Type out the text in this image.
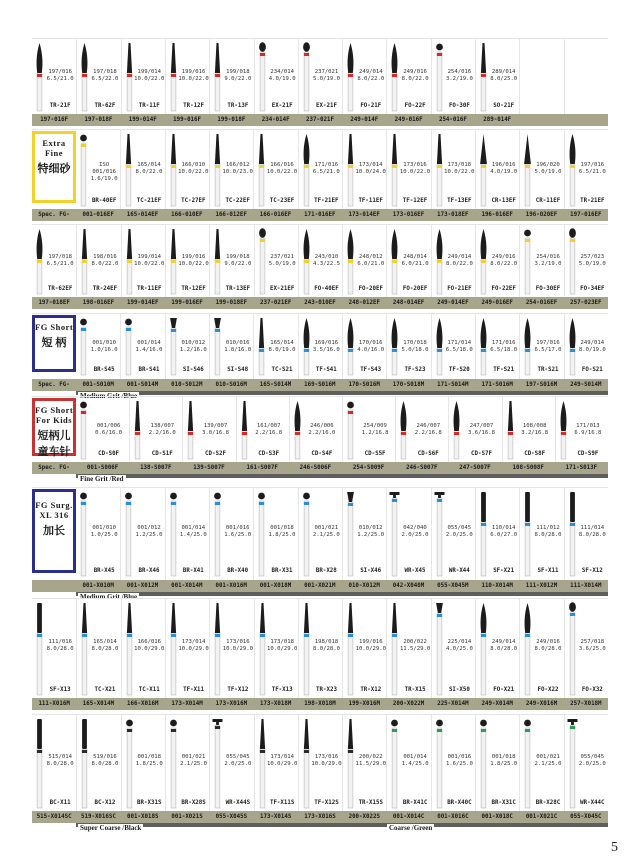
197/016
6.5/21.0
TR-21F
197/018
6.5/22.0
TR-62F
199/014
10.0/22.0
TR-11F
199/016
10.0/22.0
TR-12F
199/018
9.0/22.0
TR-13F
234/014
4.0/19.0
EX-21F
237/021
5.0/19.0
EX-21F
249/014
8.0/22.0
FO-21F
249/016
8.0/22.0
FO-22F
254/016
3.2/19.0
FO-30F
289/014
8.0/25.0
SO-21F
197-016F	197-018F	199-014F	199-016F	199-018F	234-014F	237-021F	249-014F	249-016F	254-016F	289-014F
ISO
001/016
1.6/19.0
BR-40EF
165/014
8.0/22.0
TC-21EF
166/010
10.0/22.0
TC-27EF
166/012
10.0/23.0
TC-22EF
166/016
10.0/22.0
TC-23EF
171/016
6.5/21.0
TF-21EF
173/014
10.0/24.0
TF-11EF
173/016
10.0/22.0
TF-12EF
173/018
10.0/22.0
TF-13EF
196/016
4.0/19.0
CR-13EF
196/020
5.0/19.0
CR-11EF
197/016
6.5/21.0
TR-21EF
Extra
Fine
特细砂
Spec. FG-	001-016EF	165-014EF	166-010EF	166-012EF	166-016EF	171-016EF	173-014EF	173-016EF	173-018EF	196-016EF	196-020EF	197-016EF
197/018
6.5/21.0
TR-62EF
198/016
8.0/22.0
TR-24EF
199/014
10.0/22.0
TR-11EF
199/016
10.0/22.0
TR-12EF
199/018
9.0/22.0
TR-13EF
237/021
5.0/19.0
EX-21EF
243/010
4.3/22.5
FO-40EF
248/012
6.0/21.0
FO-20EF
248/014
6.0/21.0
FO-20EF
249/014
8.0/22.0
FO-21EF
249/016
8.0/22.0
FO-22EF
254/016
3.2/19.0
FO-30EF
257/023
5.0/19.0
FO-34EF
197-018EF	198-016EF	199-014EF	199-016EF	199-018EF	237-021EF	243-010EF	248-012EF	248-014EF	249-014EF	249-016EF	254-016EF	257-023EF
001/010
1.0/16.0
BR-S45
001/014
1.4/16.0
BR-S41
010/012
1.2/16.0
SI-S46
010/016
1.8/16.0
SI-S48
165/014
8.0/19.0
TC-S21
169/016
3.5/16.0
TF-S41
170/016
4.0/16.0
TF-S43
170/018
5.0/18.0
TF-S23
171/014
6.5/18.0
TF-S20
171/016
6.5/18.0
TF-S21
197/016
6.5/17.0
TR-S21
249/014
8.0/19.0
FO-S21
FG Short
短 柄
Spec. FG-	001-S010M	001-S014M	010-S012M	010-S016M	165-S014M	169-S016M	170-S016M	170-S018M	171-S014M	171-S016M	197-S016M	249-S014M
Medium Grit /Blue
001/006
0.6/16.0
CD-S0F
138/007
2.2/16.0
CD-S1F
139/007
3.0/16.8
CD-S2F
161/007
2.2/16.8
CD-S3F
246/006
2.2/16.0
CD-S4F
254/009
1.2/16.8
CD-S5F
246/007
2.2/16.8
CD-S6F
247/007
3.6/16.8
CD-S7F
108/008
3.2/16.8
CD-S8F
171/013
6.9/16.8
CD-S9F
FG Short
For Kids
短柄儿
童车针
Spec. FG-	001-S006F	138-S007F	139-S007F	161-S007F	246-S006F	254-S009F	246-S007F	247-S007F	108-S008F	171-S013F
Fine Grit /Red
001/010
1.0/25.0
BR-X45
001/012
1.2/25.0
BR-X46
001/014
1.4/25.0
BR-X41
001/016
1.6/25.0
BR-X40
001/018
1.8/25.0
BR-X31
001/021
2.1/25.0
BR-X28
010/012
1.2/25.0
SI-X46
042/040
2.0/25.0
WR-X45
055/045
2.0/25.0
WR-X44
110/014
6.0/27.0
SF-X21
111/012
8.0/28.0
SF-X11
111/014
8.0/28.0
SF-X12
FG Surg.
XL 316
加长
001-X010M	001-X012M	001-X014M	001-X016M	001-X018M	001-X021M	010-X012M	042-X040M	055-X045M	110-X014M	111-X012M	111-X014M
Medium Grit /Blue
111/016
8.0/28.0
SF-X13
165/014
8.0/28.0
TC-X21
166/016
10.0/29.0
TC-X11
173/014
10.0/29.0
TF-X11
173/016
10.0/29.0
TF-X12
173/018
10.0/29.0
TF-X13
198/018
8.0/28.0
TR-X23
199/016
10.0/29.0
TR-X12
200/022
11.5/29.0
TR-X15
225/014
4.0/25.0
SI-X50
249/014
8.0/28.0
FO-X21
249/016
8.0/28.0
FO-X22
257/018
3.6/25.0
FO-X32
111-X016M	165-X014M	166-X016M	173-X014M	173-X016M	173-X018M	198-X018M	199-X016M	200-X022M	225-X014M	249-X014M	249-X016M	257-X018M
515/014
8.0/28.0
BC-X11
519/016
8.0/28.0
BC-X12
001/018
1.8/25.0
BR-X31S
001/021
2.1/25.0
BR-X28S
055/045
2.0/25.0
WR-X44S
173/014
10.0/29.0
TF-X11S
173/016
10.0/29.0
TF-X12S
200/022
11.5/29.0
TR-X15S
001/014
1.4/25.0
BR-X41C
001/016
1.6/25.0
BR-X40C
001/018
1.8/25.0
BR-X31C
001/021
2.1/25.0
BR-X28C
055/045
2.0/25.0
WR-X44C
515-X014SC	519-X016SC	001-X018S	001-X021S	055-X045S	173-X014S	173-X016S	200-X022S	001-X014C	001-X016C	001-X018C	001-X021C	055-X045C
Super Coarse /Black	Coarse /Green
5
